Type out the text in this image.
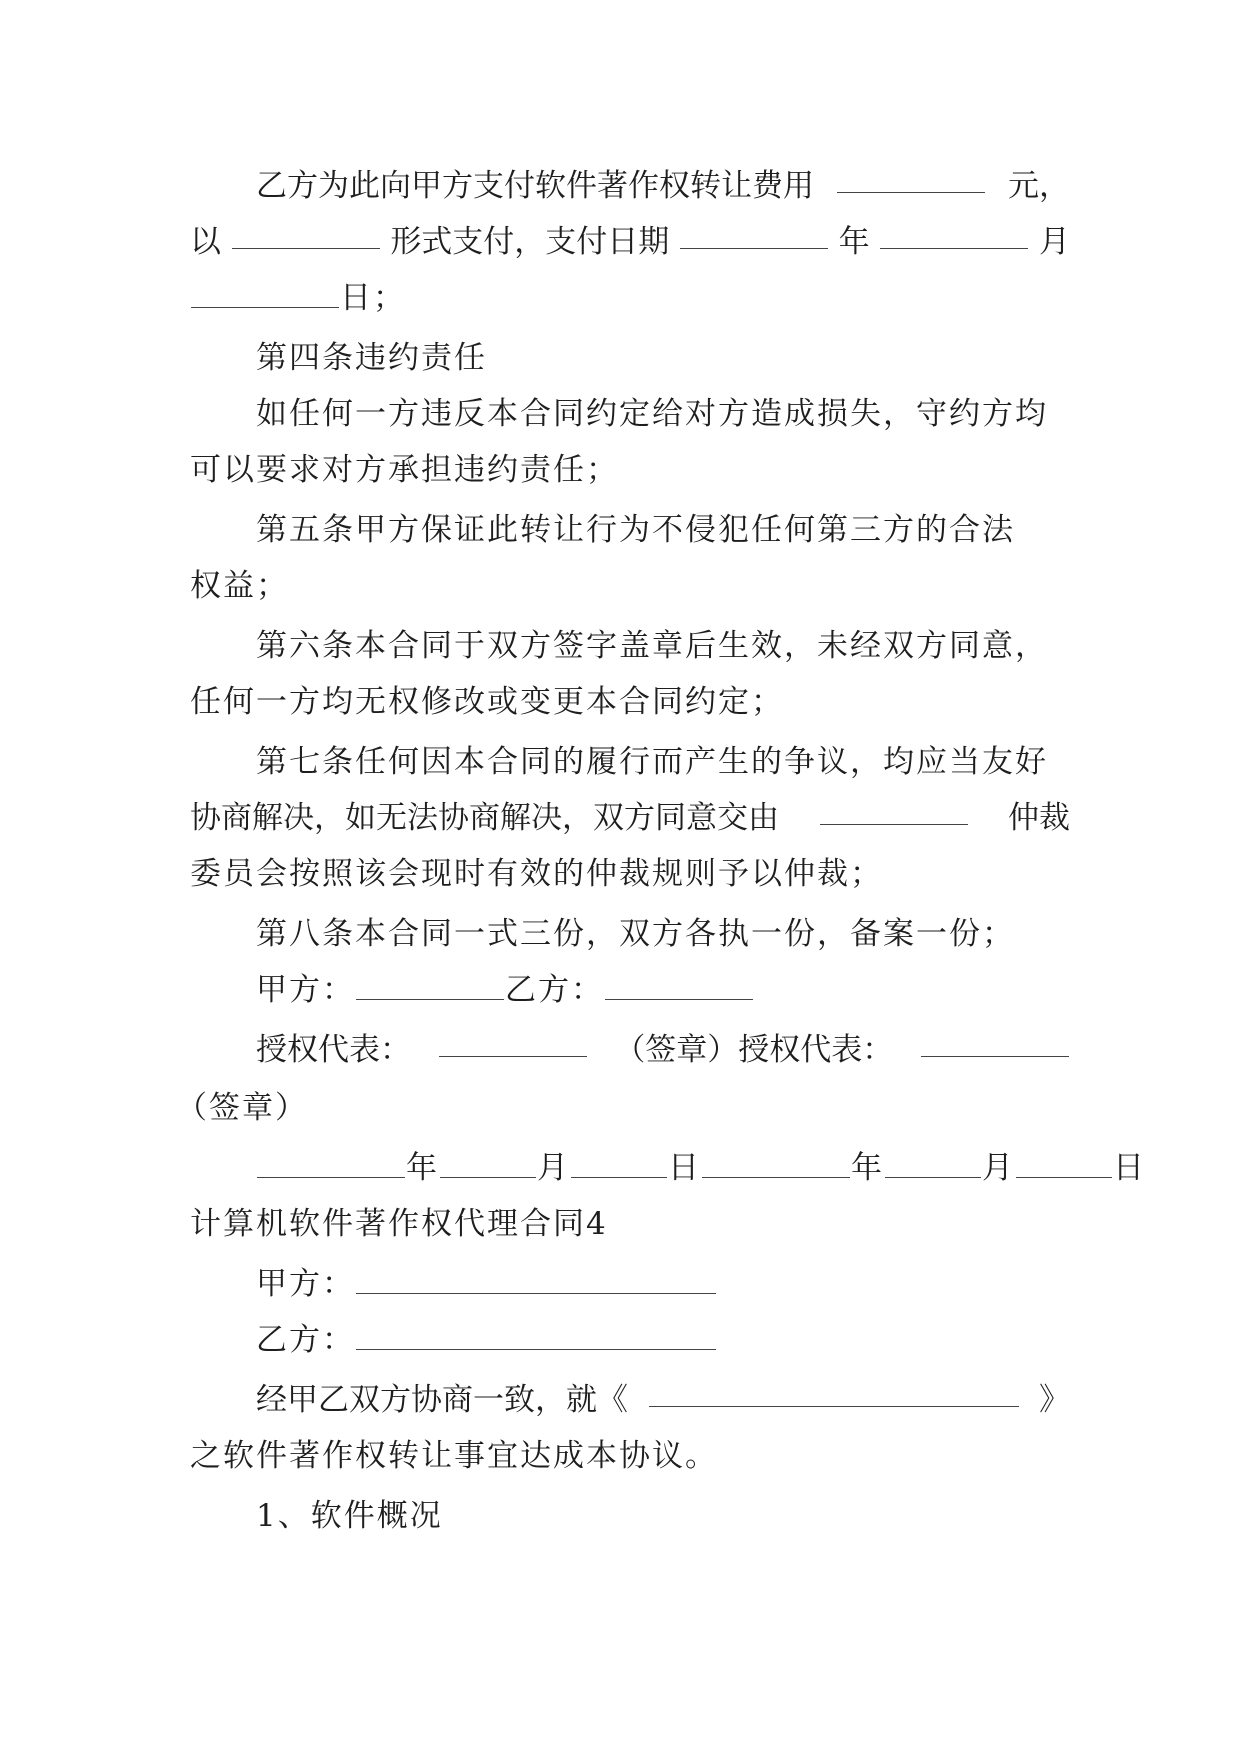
乙方为此向甲方支付软件著作权转让费用	元，
以	形式支付，支付日期	年	月
日；
第四条违约责任
如任何一方违反本合同约定给对方造成损失，守约方均
可以要求对方承担违约责任；
第五条甲方保证此转让行为不侵犯任何第三方的合法
权益；
第六条本合同于双方签字盖章后生效，未经双方同意，
任何一方均无权修改或变更本合同约定；
第七条任何因本合同的履行而产生的争议，均应当友好
协商解决，如无法协商解决，双方同意交由	仲裁
委员会按照该会现时有效的仲裁规则予以仲裁；
第八条本合同一式三份，双方各执一份，备案一份；
甲方：	乙方：
授权代表：	（签章）授权代表：
（签章）
年	月	日	年	月	日
计算机软件著作权代理合同4
甲方：
乙方：
经甲乙双方协商一致，就《	》
之软件著作权转让事宜达成本协议。
1、软件概况
